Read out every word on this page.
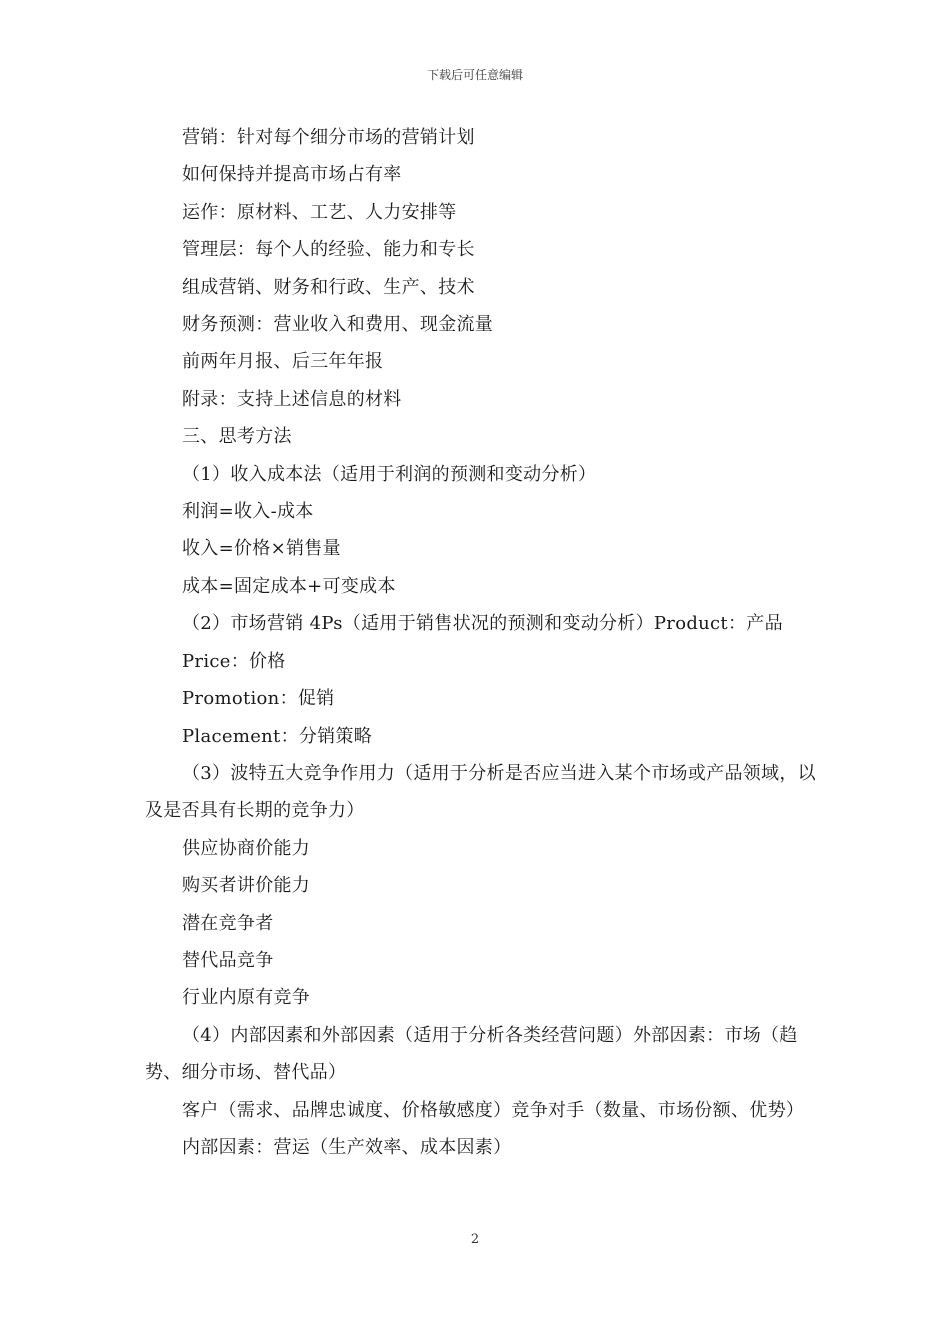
下载后可任意编辑

营销：针对每个细分市场的营销计划

如何保持并提高市场占有率

运作：原材料、工艺、人力安排等

管理层：每个人的经验、能力和专长

组成营销、财务和行政、生产、技术

财务预测：营业收入和费用、现金流量

前两年月报、后三年年报

附录：支持上述信息的材料

三、思考方法

（1）收入成本法（适用于利润的预测和变动分析）

利润=收入-成本

收入=价格×销售量

成本=固定成本+可变成本

（2）市场营销 4Ps（适用于销售状况的预测和变动分析）Product：产品

Price：价格

Promotion：促销

Placement：分销策略

（3）波特五大竞争作用力（适用于分析是否应当进入某个市场或产品领域，以及是否具有长期的竞争力）

供应协商价能力

购买者讲价能力

潜在竞争者

替代品竞争

行业内原有竞争

（4）内部因素和外部因素（适用于分析各类经营问题）外部因素：市场（趋势、细分市场、替代品）

客户（需求、品牌忠诚度、价格敏感度）竞争对手（数量、市场份额、优势）

内部因素：营运（生产效率、成本因素）

2
